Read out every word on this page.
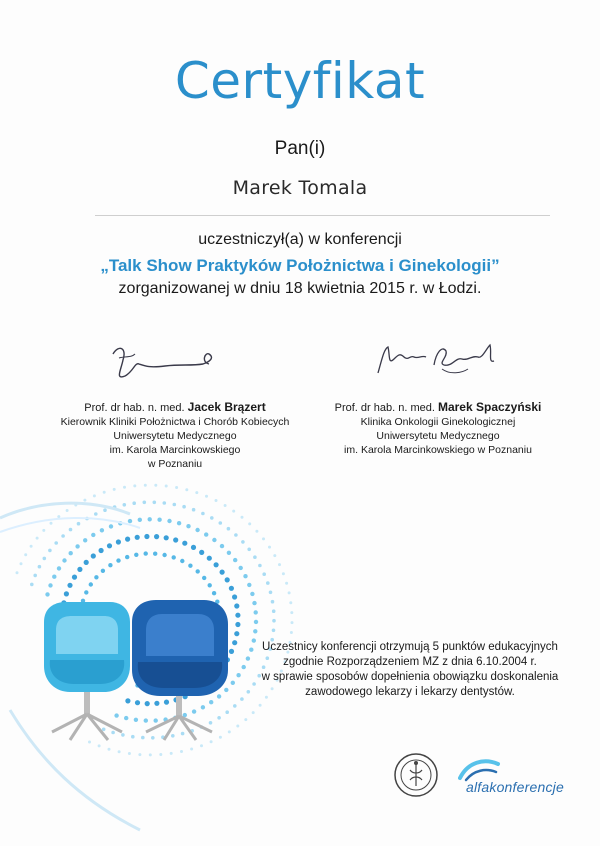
Certyfikat
Pan(i)
Marek Tomala
uczestniczył(a) w konferencji
„Talk Show Praktyków Położnictwa i Ginekologii”
zorganizowanej w dniu 18 kwietnia 2015 r. w Łodzi.
Prof. dr hab. n. med. Jacek Brązert
Kierownik Kliniki Położnictwa i Chorób Kobiecych
Uniwersytetu Medycznego
im. Karola Marcinkowskiego
w Poznaniu
Prof. dr hab. n. med. Marek Spaczyński
Klinika Onkologii Ginekologicznej
Uniwersytetu Medycznego
im. Karola Marcinkowskiego w Poznaniu
Uczestnicy konferencji otrzymują 5 punktów edukacyjnych
zgodnie Rozporządzeniem MZ z dnia 6.10.2004 r.
w sprawie sposobów dopełnienia obowiązku doskonalenia
zawodowego lekarzy i lekarzy dentystów.
alfakonferencje
